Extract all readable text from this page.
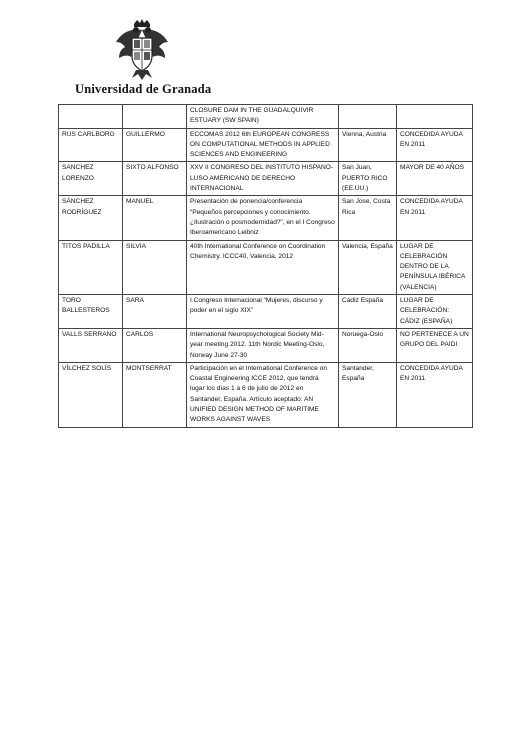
Universidad de Granada
		CLOSURE DAM IN THE GUADALQUIVIR ESTUARY (SW SPAIN)		
RUS CARLBORG	GUILLERMO	ECCOMAS 2012 6th EUROPEAN CONGRESS ON COMPUTATIONAL METHODS IN APPLIED SCIENCES AND ENGINEERING	Vienna, Austria	CONCEDIDA AYUDA EN 2011
SANCHEZ LORENZO	SIXTO ALFONSO	XXV II CONGRESO DEL INSTITUTO HISPANO-LUSO AMERICANO DE DERECHO INTERNACIONAL	San Juan, PUERTO RICO (EE.UU.)	MAYOR DE 40 AÑOS
SÁNCHEZ RODRÍGUEZ	MANUEL	Presentación de ponencia/conferencia “Pequeños percepciones y conocimiento. ¿Ilustración o posmodernidad?”, en el I Congreso Iberoamericano Leibniz	San Jose, Costa Rica	CONCEDIDA AYUDA EN 2011
TITOS PADILLA	SILVIA	40th International Conference on Coordination Chemistry. ICCC40, Valencia, 2012	Valencia, España	LUGAR DE CELEBRACIÓN DENTRO DE LA PENÍNSULA IBÉRICA (VALENCIA)
TORO BALLESTEROS	SARA	I Congreso Internacional “Mujeres, discurso y poder en el siglo XIX”	Cádiz España	LUGAR DE CELEBRACIÓN: CÁDIZ (ESPAÑA)
VALLS SERRANO	CARLOS	International Neuropsychological Society Mid-year meeting 2012. 11th Nordic Meeting-Oslo, Norway June 27-30	Noruega-Oslo	NO PERTENECE A UN GRUPO DEL PAIDI
VÍLCHEZ SOLÍS	MONTSERRAT	Participación en el International Conference on Coastal Engineering ICCE 2012, que tendrá lugar los días 1 a 6 de julio de 2012 en Santander, España. Artículo aceptado: AN UNIFIED DESIGN METHOD OF MARITIME WORKS AGAINST WAVES	Santander, España	CONCEDIDA AYUDA EN 2011
